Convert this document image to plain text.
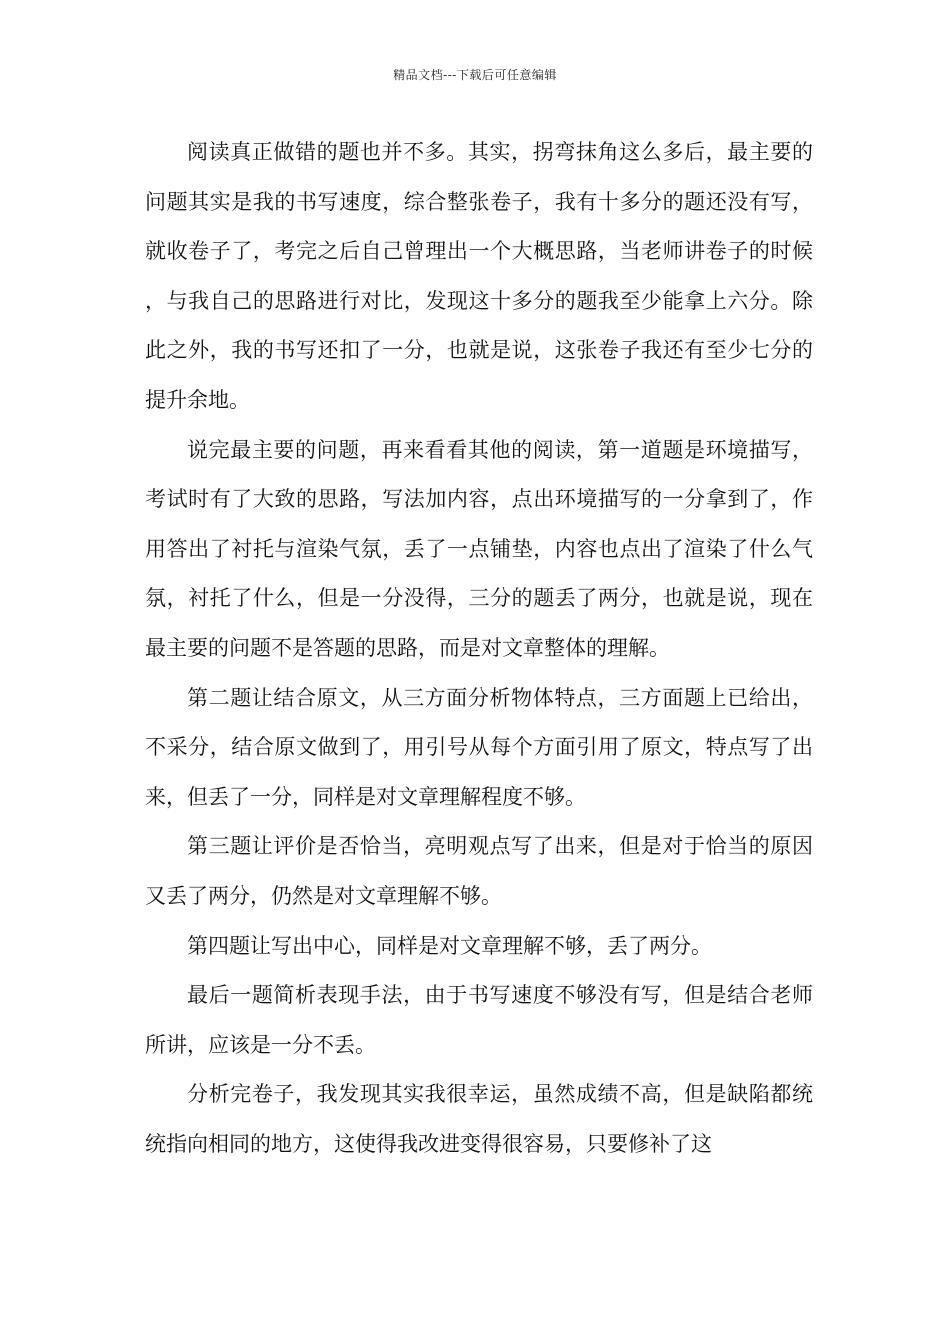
精品文档---下载后可任意编辑

阅读真正做错的题也并不多。其实，拐弯抹角这么多后，最主要的问题其实是我的书写速度，综合整张卷子，我有十多分的题还没有写，就收卷子了，考完之后自己曾理出一个大概思路，当老师讲卷子的时候，与我自己的思路进行对比，发现这十多分的题我至少能拿上六分。除此之外，我的书写还扣了一分，也就是说，这张卷子我还有至少七分的提升余地。

说完最主要的问题，再来看看其他的阅读，第一道题是环境描写，考试时有了大致的思路，写法加内容，点出环境描写的一分拿到了，作用答出了衬托与渲染气氛，丢了一点铺垫，内容也点出了渲染了什么气氛，衬托了什么，但是一分没得，三分的题丢了两分，也就是说，现在最主要的问题不是答题的思路，而是对文章整体的理解。

第二题让结合原文，从三方面分析物体特点，三方面题上已给出，不采分，结合原文做到了，用引号从每个方面引用了原文，特点写了出来，但丢了一分，同样是对文章理解程度不够。

第三题让评价是否恰当，亮明观点写了出来，但是对于恰当的原因又丢了两分，仍然是对文章理解不够。

第四题让写出中心，同样是对文章理解不够，丢了两分。

最后一题简析表现手法，由于书写速度不够没有写，但是结合老师所讲，应该是一分不丢。

分析完卷子，我发现其实我很幸运，虽然成绩不高，但是缺陷都统统指向相同的地方，这使得我改进变得很容易，只要修补了这
